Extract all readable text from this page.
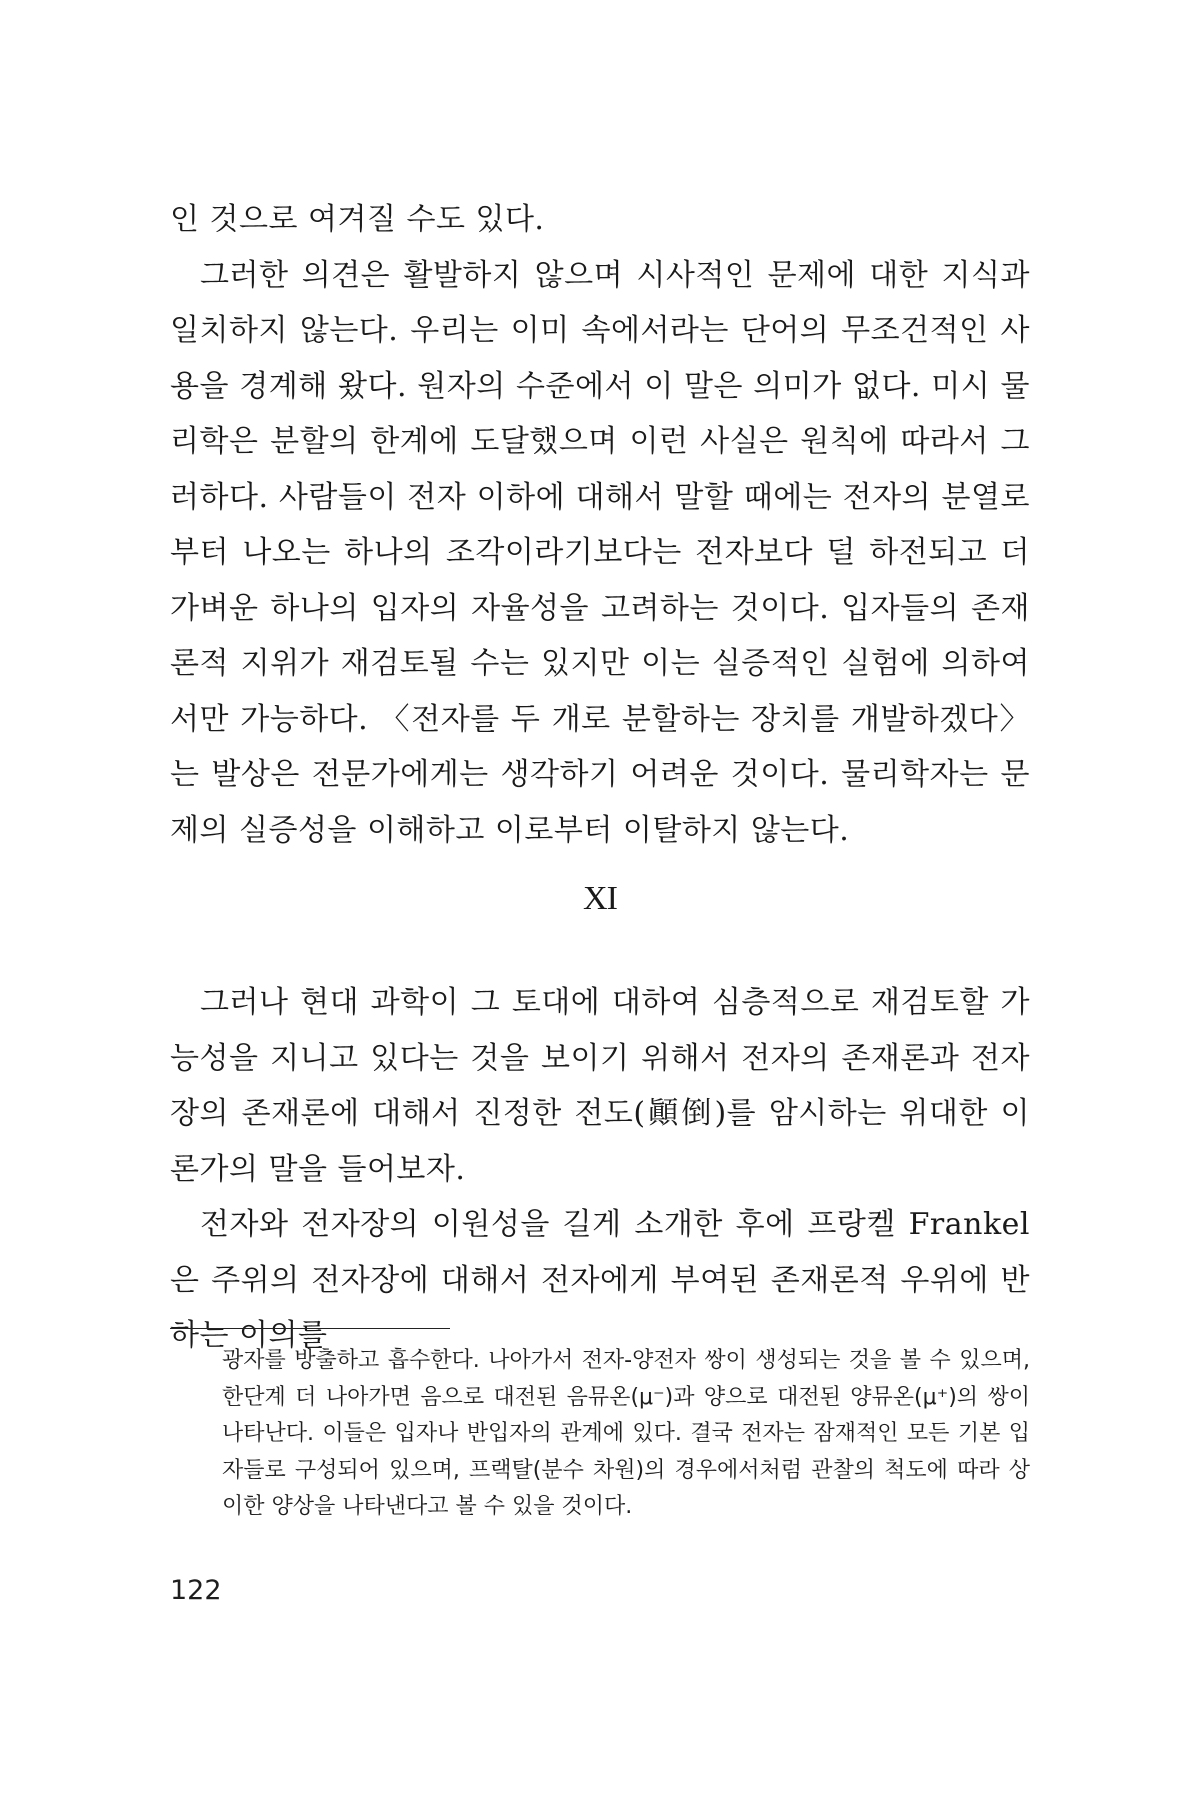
인 것으로 여겨질 수도 있다.

그러한 의견은 활발하지 않으며 시사적인 문제에 대한 지식과 일치하지 않는다. 우리는 이미 속에서라는 단어의 무조건적인 사용을 경계해 왔다. 원자의 수준에서 이 말은 의미가 없다. 미시 물리학은 분할의 한계에 도달했으며 이런 사실은 원칙에 따라서 그러하다. 사람들이 전자 이하에 대해서 말할 때에는 전자의 분열로부터 나오는 하나의 조각이라기보다는 전자보다 덜 하전되고 더 가벼운 하나의 입자의 자율성을 고려하는 것이다. 입자들의 존재론적 지위가 재검토될 수는 있지만 이는 실증적인 실험에 의하여서만 가능하다. 〈전자를 두 개로 분할하는 장치를 개발하겠다〉는 발상은 전문가에게는 생각하기 어려운 것이다. 물리학자는 문제의 실증성을 이해하고 이로부터 이탈하지 않는다.

XI

그러나 현대 과학이 그 토대에 대하여 심층적으로 재검토할 가능성을 지니고 있다는 것을 보이기 위해서 전자의 존재론과 전자장의 존재론에 대해서 진정한 전도(顚倒)를 암시하는 위대한 이론가의 말을 들어보자.

전자와 전자장의 이원성을 길게 소개한 후에 프랑켈 Frankel은 주위의 전자장에 대해서 전자에게 부여된 존재론적 우위에 반하는 이의를

광자를 방출하고 흡수한다. 나아가서 전자-양전자 쌍이 생성되는 것을 볼 수 있으며, 한단계 더 나아가면 음으로 대전된 음뮤온(μ⁻)과 양으로 대전된 양뮤온(μ⁺)의 쌍이 나타난다. 이들은 입자나 반입자의 관계에 있다. 결국 전자는 잠재적인 모든 기본 입자들로 구성되어 있으며, 프랙탈(분수 차원)의 경우에서처럼 관찰의 척도에 따라 상이한 양상을 나타낸다고 볼 수 있을 것이다.
122
